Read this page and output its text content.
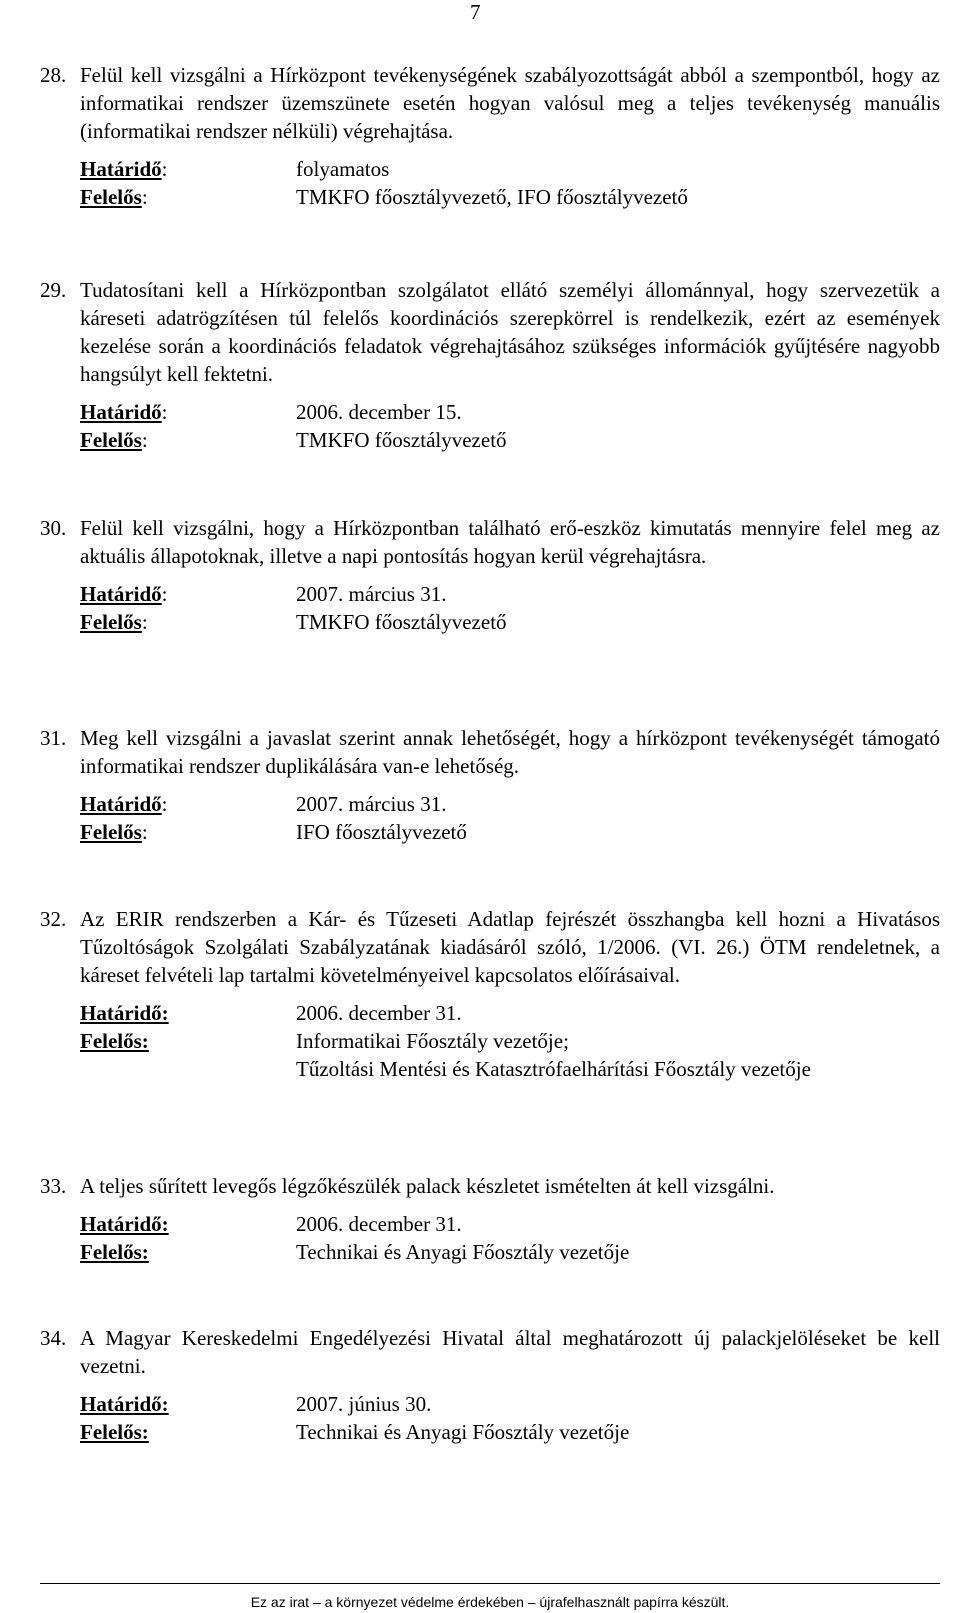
7

28. Felül kell vizsgálni a Hírközpont tevékenységének szabályozottságát abból a szempontból, hogy az informatikai rendszer üzemszünete esetén hogyan valósul meg a teljes tevékenység manuális (informatikai rendszer nélküli) végrehajtása.

Határidő:	folyamatos
Felelős:	TMKFO főosztályvezető, IFO főosztályvezető

29. Tudatosítani kell a Hírközpontban szolgálatot ellátó személyi állománnyal, hogy szervezetük a káreseti adatrögzítésen túl felelős koordinációs szerepkörrel is rendelkezik, ezért az események kezelése során a koordinációs feladatok végrehajtásához szükséges információk gyűjtésére nagyobb hangsúlyt kell fektetni.

Határidő:	2006. december 15.
Felelős:	TMKFO főosztályvezető

30. Felül kell vizsgálni, hogy a Hírközpontban található erő-eszköz kimutatás mennyire felel meg az aktuális állapotoknak, illetve a napi pontosítás hogyan kerül végrehajtásra.

Határidő:	2007. március 31.
Felelős:	TMKFO főosztályvezető

31. Meg kell vizsgálni a javaslat szerint annak lehetőségét, hogy a hírközpont tevékenységét támogató informatikai rendszer duplikálására van-e lehetőség.

Határidő:	2007. március 31.
Felelős:	IFO főosztályvezető

32. Az ERIR rendszerben a Kár- és Tűzeseti Adatlap fejrészét összhangba kell hozni a Hivatásos Tűzoltóságok Szolgálati Szabályzatának kiadásáról szóló, 1/2006. (VI. 26.) ÖTM rendeletnek, a káreset felvételi lap tartalmi követelményeivel kapcsolatos előírásaival.

Határidő:	2006. december 31.
Felelős:	Informatikai Főosztály vezetője;
Tűzoltási Mentési és Katasztrófaelhárítási Főosztály vezetője

33. A teljes sűrített levegős légzőkészülék palack készletet ismételten át kell vizsgálni.

Határidő:	2006. december 31.
Felelős:	Technikai és Anyagi Főosztály vezetője

34. A Magyar Kereskedelmi Engedélyezési Hivatal által meghatározott új palackjelöléseket be kell vezetni.

Határidő:	2007. június 30.
Felelős:	Technikai és Anyagi Főosztály vezetője
Ez az irat – a környezet védelme érdekében – újrafelhasznált papírra készült.
